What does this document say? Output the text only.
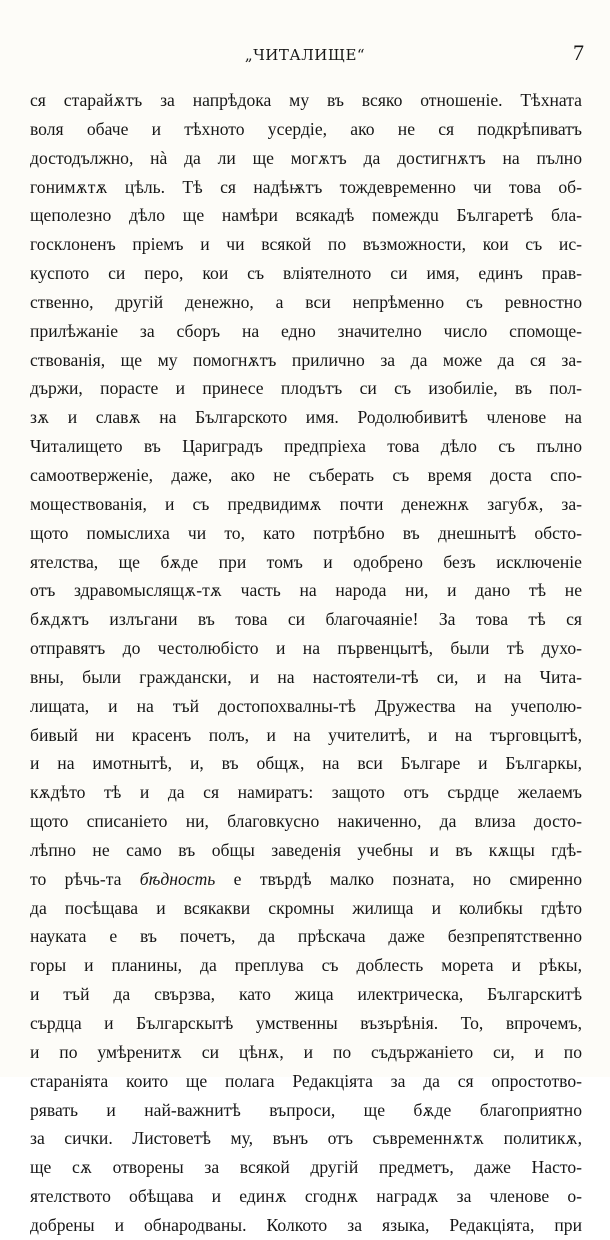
„ЧИТАЛИЩЕ“	7
ся старайѫтъ за напрѣдока му въ всяко отношеніе. Тѣхната
воля обаче и тѣхното усердіе, ако не ся подкрѣпиватъ
достодължно, нà да ли ще могѫтъ да достигнѫтъ на пълно
гонимѫтѫ цѣль. Тѣ ся надѣѭтъ тождевременно чи това об-
щеполезно дѣло ще намѣри всякадѣ помеждu Българетѣ бла-
госклоненъ пріемъ и чи всякой по възможности, кои съ ис-
куспото си перо, кои съ вліятелното си имя, единъ прав-
ственно, другій денежно, а вси непрѣменно съ ревностно
прилѣжаніе за сборъ на едно значително число спомоще-
ствованія, ще му помогнѫтъ прилично за да може да ся за-
държи, порасте и принесе плодътъ си съ изобиліе, въ пол-
зѫ и славѫ на Българското имя. Родолюбивитѣ членове на
Читалището въ Цариградъ предпріеха това дѣло съ пълно
самоотверженіе, даже, ако не съберать съ время доста спо-
моществованія, и съ предвидимѫ почти денежнѫ загубѫ, за-
щото помыслиха чи то, като потрѣбно въ днешнытѣ обсто-
ятелства, ще бѫде при томъ и одобрено безъ исключеніе
отъ здравомыслящѫ-тѫ часть на народа ни, и дано тѣ не
бѫдѫтъ излъгани въ това си благочаяніе! За това тѣ ся
отправятъ до честолюбісто и на първенцытѣ, были тѣ духо-
вны, были граждански, и на настоятели-тѣ си, и на Чита-
лищата, и на тъй достопохвалны-тѣ Дружества на учеполю-
бивый ни красенъ полъ, и на учителитѣ, и на търговцытѣ,
и на имотнытѣ, и, въ общѫ, на вси Българе и Българкы,
кѫдѣто тѣ и да ся намиратъ: защото отъ сърдце желаемъ
щото списаніето ни, благовкусно накиченно, да влиза досто-
лѣпно не само въ общы заведенія учебны и въ кѫщы гдѣ-
то рѣчь-та бѣдность е твърдѣ малко позната, но смиренно
да посѣщава и всякакви скромны жилища и колибкы гдѣто
науката е въ почетъ, да прѣскача даже безпрепятственно
горы и планины, да преплува съ доблесть морета и рѣкы,
и тъй да свързва, като жица илектрическа, Българскитѣ
сърдца и Българскытѣ умственны възърѣнія. То, впрочемъ,
и по умѣренитѫ си цѣнѫ, и по съдържаніето си, и по
стараніята които ще полага Редакціята за да ся опростотво-
рявать и най-важнитѣ въпроси, ще бѫде благоприятно
за сички. Листоветѣ му, вънъ отъ съвременнѫтѫ политикѫ,
ще сѫ отворены за всякой другій предметъ, даже Насто-
ятелството обѣщава и единѫ сгоднѫ наградѫ за членове о-
добрены и обнародваны. Колкото за языка, Редакціята, при
